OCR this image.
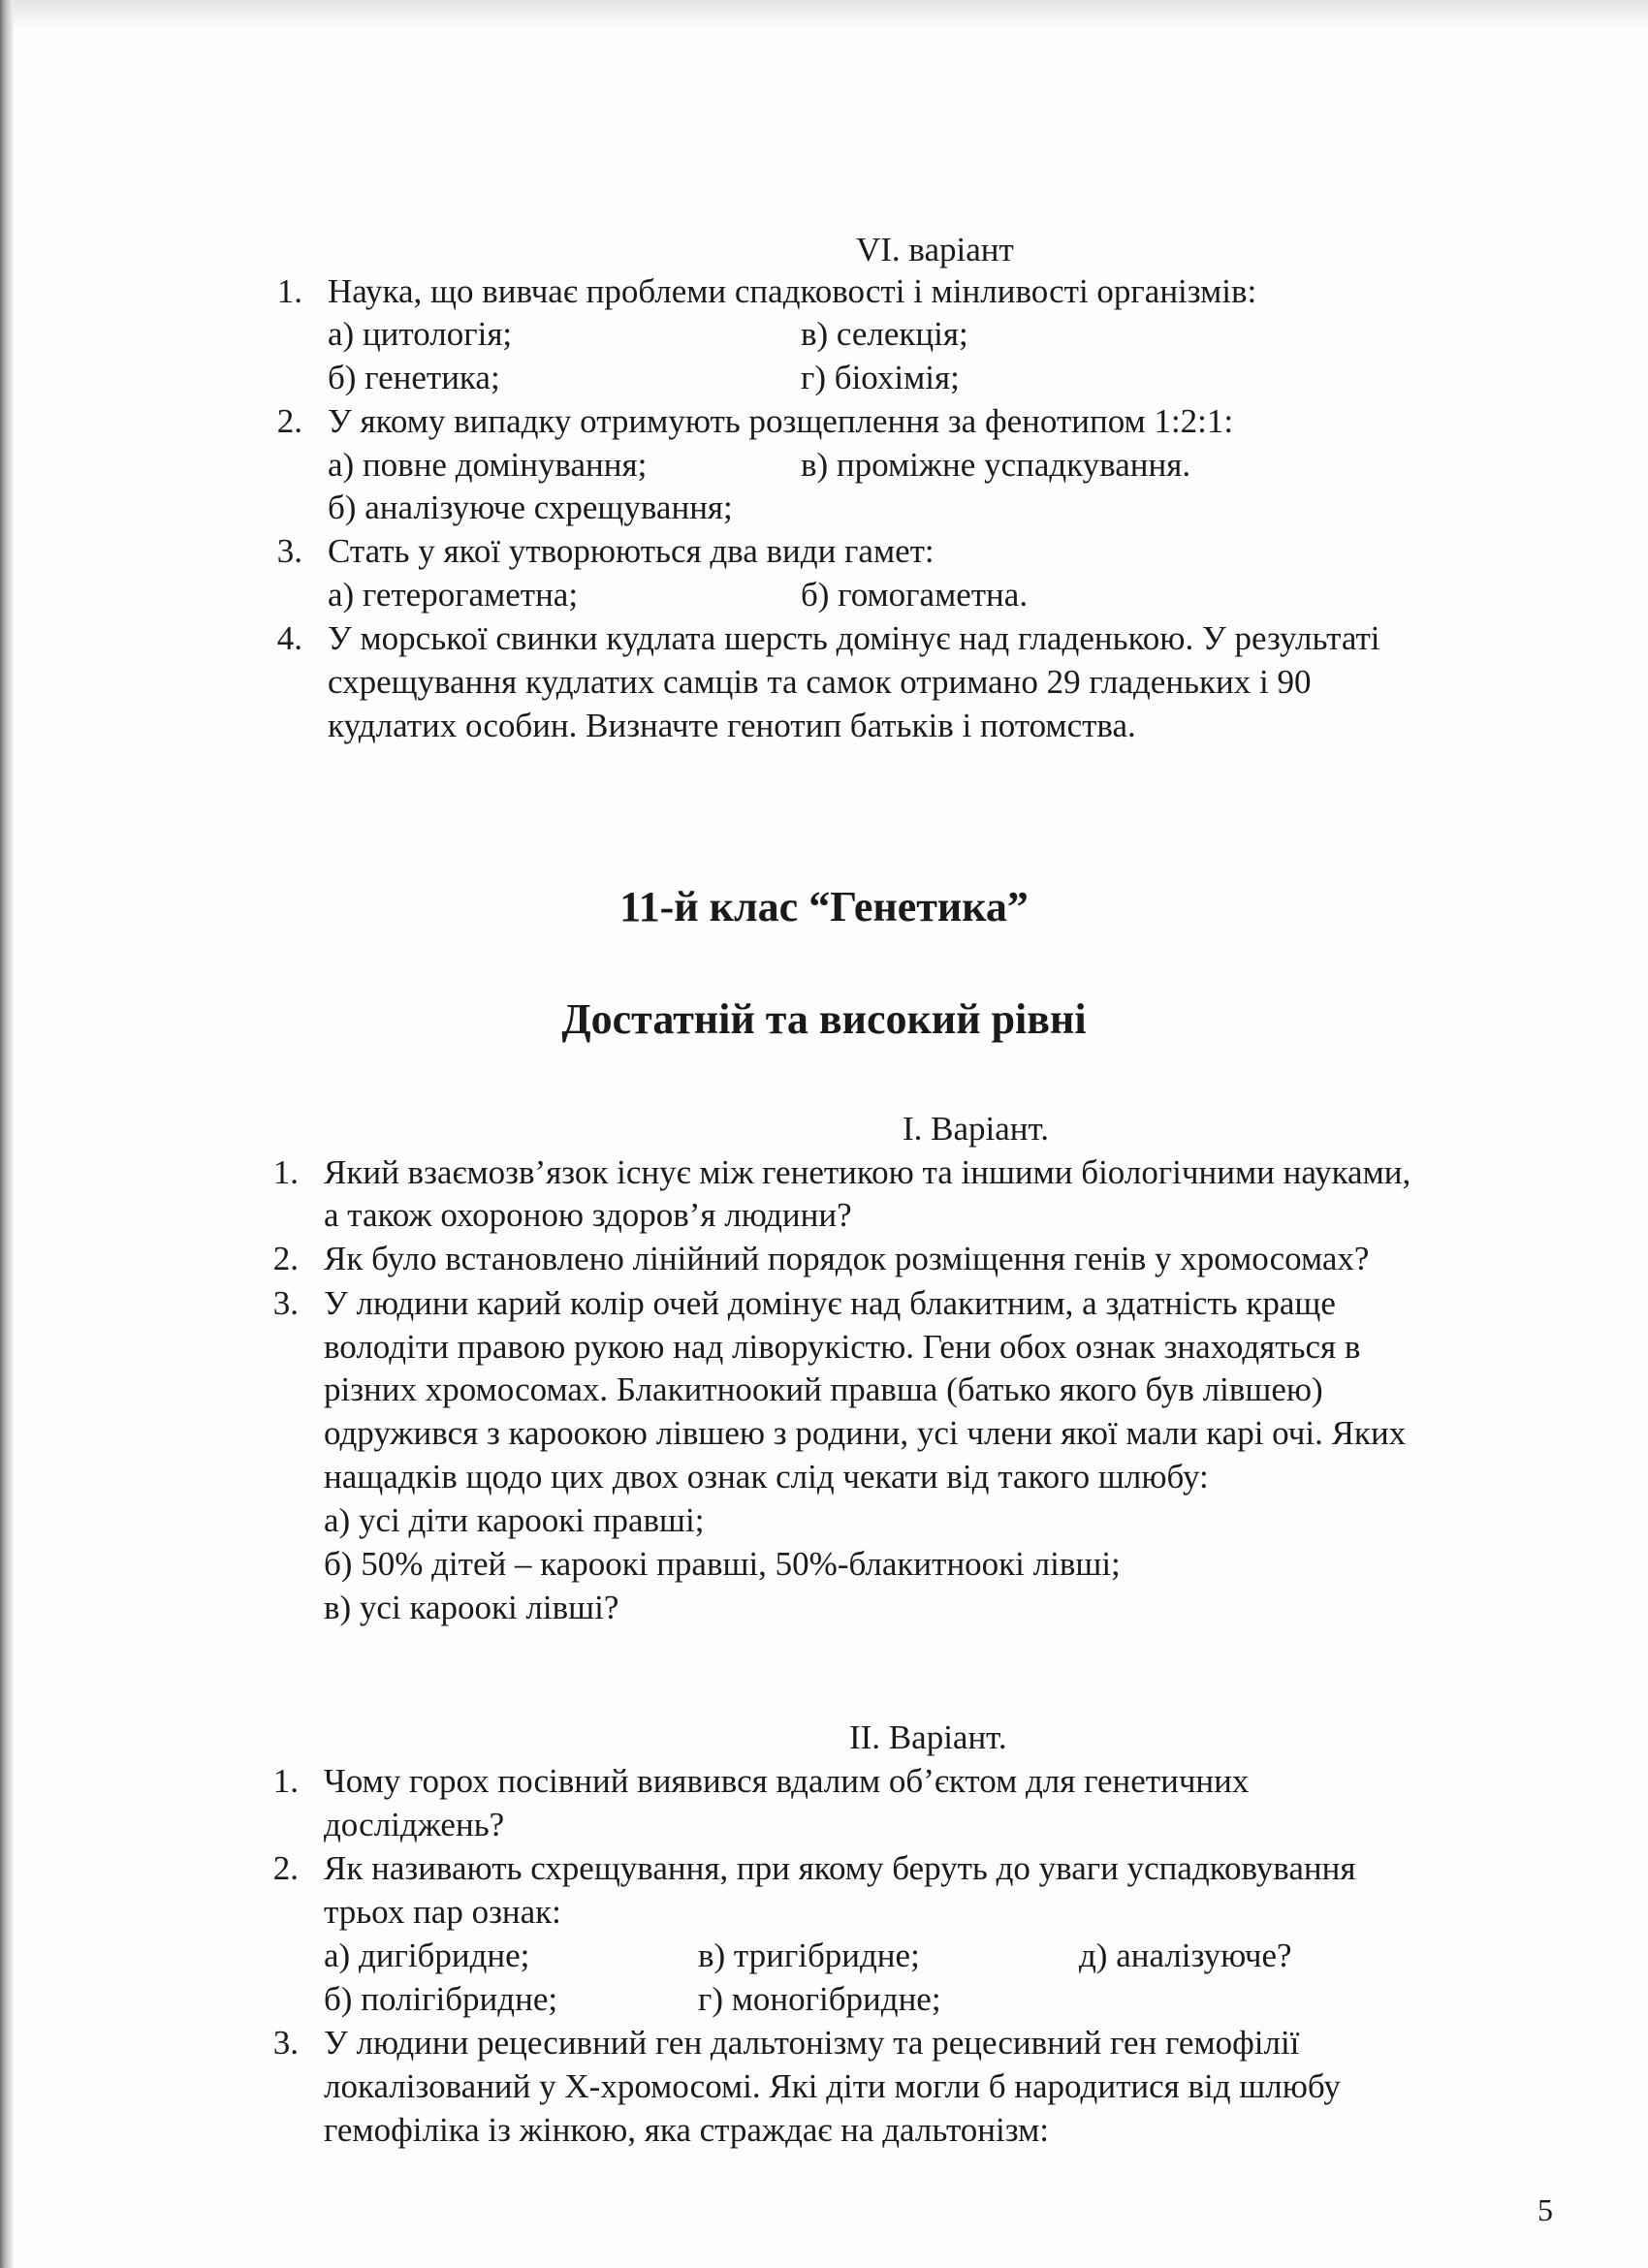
VI. варіант
1. Наука, що вивчає проблеми спадковості і мінливості організмів:
а) цитологія;	в) селекція;
б) генетика;	г) біохімія;
2. У якому випадку отримують розщеплення за фенотипом 1:2:1:
а) повне домінування;	в) проміжне успадкування.
б) аналізуюче схрещування;
3. Стать у якої утворюються два види гамет:
а) гетерогаметна;	б) гомогаметна.
4. У морської свинки кудлата шерсть домінує над гладенькою. У результаті
схрещування кудлатих самців та самок отримано 29 гладеньких і 90
кудлатих особин. Визначте генотип батьків і потомства.
11-й клас “Генетика”
Достатній та високий рівні
I. Варіант.
1. Який взаємозв’язок існує між генетикою та іншими біологічними науками,
а також охороною здоров’я людини?
2. Як було встановлено лінійний порядок розміщення генів у хромосомах?
3. У людини карий колір очей домінує над блакитним, а здатність краще
володіти правою рукою над ліворукістю. Гени обох ознак знаходяться в
різних хромосомах. Блакитноокий правша (батько якого був лівшею)
одружився з кароокою лівшею з родини, усі члени якої мали карі очі. Яких
нащадків щодо цих двох ознак слід чекати від такого шлюбу:
а) усі діти кароокі правші;
б) 50% дітей – кароокі правші, 50%-блакитноокі лівші;
в) усі кароокі лівші?
II. Варіант.
1. Чому горох посівний виявився вдалим об’єктом для генетичних
досліджень?
2. Як називають схрещування, при якому беруть до уваги успадковування
трьох пар ознак:
а) дигібридне;	в) тригібридне;	д) аналізуюче?
б) полігібридне;	г) моногібридне;
3. У людини рецесивний ген дальтонізму та рецесивний ген гемофілії
локалізований у Х-хромосомі. Які діти могли б народитися від шлюбу
гемофіліка із жінкою, яка страждає на дальтонізм:
5
